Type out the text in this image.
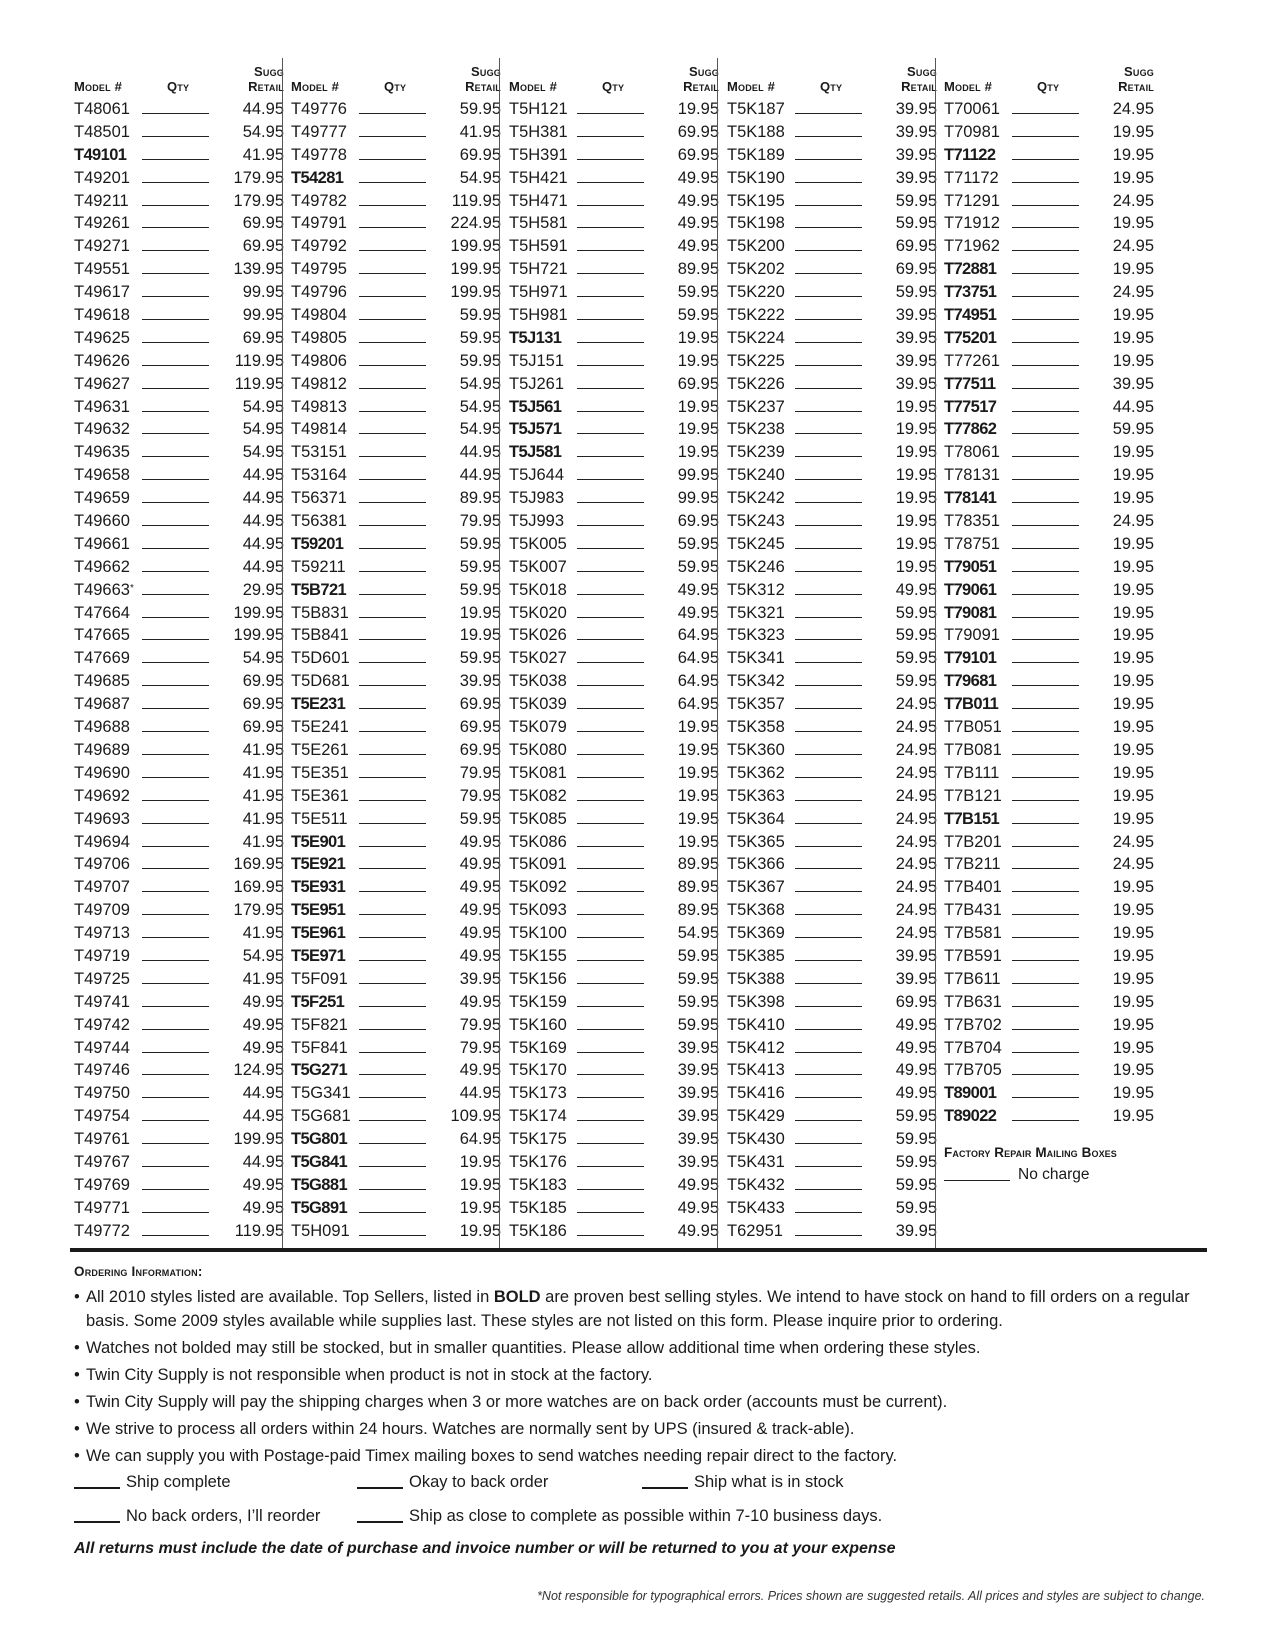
Model #	Qty
Sugg
Retail
T48061	44.95
T48501	54.95
T49101	41.95
T49201	179.95
T49211	179.95
T49261	69.95
T49271	69.95
T49551	139.95
T49617	99.95
T49618	99.95
T49625	69.95
T49626	119.95
T49627	119.95
T49631	54.95
T49632	54.95
T49635	54.95
T49658	44.95
T49659	44.95
T49660	44.95
T49661	44.95
T49662	44.95
T49663*	29.95
T47664	199.95
T47665	199.95
T47669	54.95
T49685	69.95
T49687	69.95
T49688	69.95
T49689	41.95
T49690	41.95
T49692	41.95
T49693	41.95
T49694	41.95
T49706	169.95
T49707	169.95
T49709	179.95
T49713	41.95
T49719	54.95
T49725	41.95
T49741	49.95
T49742	49.95
T49744	49.95
T49746	124.95
T49750	44.95
T49754	44.95
T49761	199.95
T49767	44.95
T49769	49.95
T49771	49.95
T49772	119.95
Model #	Qty
Sugg
Retail
T49776	59.95
T49777	41.95
T49778	69.95
T54281	54.95
T49782	119.95
T49791	224.95
T49792	199.95
T49795	199.95
T49796	199.95
T49804	59.95
T49805	59.95
T49806	59.95
T49812	54.95
T49813	54.95
T49814	54.95
T53151	44.95
T53164	44.95
T56371	89.95
T56381	79.95
T59201	59.95
T59211	59.95
T5B721	59.95
T5B831	19.95
T5B841	19.95
T5D601	59.95
T5D681	39.95
T5E231	69.95
T5E241	69.95
T5E261	69.95
T5E351	79.95
T5E361	79.95
T5E511	59.95
T5E901	49.95
T5E921	49.95
T5E931	49.95
T5E951	49.95
T5E961	49.95
T5E971	49.95
T5F091	39.95
T5F251	49.95
T5F821	79.95
T5F841	79.95
T5G271	49.95
T5G341	44.95
T5G681	109.95
T5G801	64.95
T5G841	19.95
T5G881	19.95
T5G891	19.95
T5H091	19.95
Model #	Qty
Sugg
Retail
T5H121	19.95
T5H381	69.95
T5H391	69.95
T5H421	49.95
T5H471	49.95
T5H581	49.95
T5H591	49.95
T5H721	89.95
T5H971	59.95
T5H981	59.95
T5J131	19.95
T5J151	19.95
T5J261	69.95
T5J561	19.95
T5J571	19.95
T5J581	19.95
T5J644	99.95
T5J983	99.95
T5J993	69.95
T5K005	59.95
T5K007	59.95
T5K018	49.95
T5K020	49.95
T5K026	64.95
T5K027	64.95
T5K038	64.95
T5K039	64.95
T5K079	19.95
T5K080	19.95
T5K081	19.95
T5K082	19.95
T5K085	19.95
T5K086	19.95
T5K091	89.95
T5K092	89.95
T5K093	89.95
T5K100	54.95
T5K155	59.95
T5K156	59.95
T5K159	59.95
T5K160	59.95
T5K169	39.95
T5K170	39.95
T5K173	39.95
T5K174	39.95
T5K175	39.95
T5K176	39.95
T5K183	49.95
T5K185	49.95
T5K186	49.95
Model #	Qty
Sugg
Retail
T5K187	39.95
T5K188	39.95
T5K189	39.95
T5K190	39.95
T5K195	59.95
T5K198	59.95
T5K200	69.95
T5K202	69.95
T5K220	59.95
T5K222	39.95
T5K224	39.95
T5K225	39.95
T5K226	39.95
T5K237	19.95
T5K238	19.95
T5K239	19.95
T5K240	19.95
T5K242	19.95
T5K243	19.95
T5K245	19.95
T5K246	19.95
T5K312	49.95
T5K321	59.95
T5K323	59.95
T5K341	59.95
T5K342	59.95
T5K357	24.95
T5K358	24.95
T5K360	24.95
T5K362	24.95
T5K363	24.95
T5K364	24.95
T5K365	24.95
T5K366	24.95
T5K367	24.95
T5K368	24.95
T5K369	24.95
T5K385	39.95
T5K388	39.95
T5K398	69.95
T5K410	49.95
T5K412	49.95
T5K413	49.95
T5K416	49.95
T5K429	59.95
T5K430	59.95
T5K431	59.95
T5K432	59.95
T5K433	59.95
T62951	39.95
Model #	Qty
Sugg
Retail
T70061	24.95
T70981	19.95
T71122	19.95
T71172	19.95
T71291	24.95
T71912	19.95
T71962	24.95
T72881	19.95
T73751	24.95
T74951	19.95
T75201	19.95
T77261	19.95
T77511	39.95
T77517	44.95
T77862	59.95
T78061	19.95
T78131	19.95
T78141	19.95
T78351	24.95
T78751	19.95
T79051	19.95
T79061	19.95
T79081	19.95
T79091	19.95
T79101	19.95
T79681	19.95
T7B011	19.95
T7B051	19.95
T7B081	19.95
T7B111	19.95
T7B121	19.95
T7B151	19.95
T7B201	24.95
T7B211	24.95
T7B401	19.95
T7B431	19.95
T7B581	19.95
T7B591	19.95
T7B611	19.95
T7B631	19.95
T7B702	19.95
T7B704	19.95
T7B705	19.95
T89001	19.95
T89022	19.95
Factory Repair Mailing Boxes
No charge
Ordering Information:
• All 2010 styles listed are available. Top Sellers, listed in BOLD are proven best selling styles. We intend to have stock on hand to fill orders on a regular basis. Some 2009 styles available while supplies last. These styles are not listed on this form. Please inquire prior to ordering.
• Watches not bolded may still be stocked, but in smaller quantities. Please allow additional time when ordering these styles.
• Twin City Supply is not responsible when product is not in stock at the factory.
• Twin City Supply will pay the shipping charges when 3 or more watches are on back order (accounts must be current).
• We strive to process all orders within 24 hours. Watches are normally sent by UPS (insured & track-able).
• We can supply you with Postage-paid Timex mailing boxes to send watches needing repair direct to the factory.
Ship complete	Okay to back order	Ship what is in stock
No back orders, I’ll reorder	Ship as close to complete as possible within 7-10 business days.
All returns must include the date of purchase and invoice number or will be returned to you at your expense
*Not responsible for typographical errors. Prices shown are suggested retails. All prices and styles are subject to change.
